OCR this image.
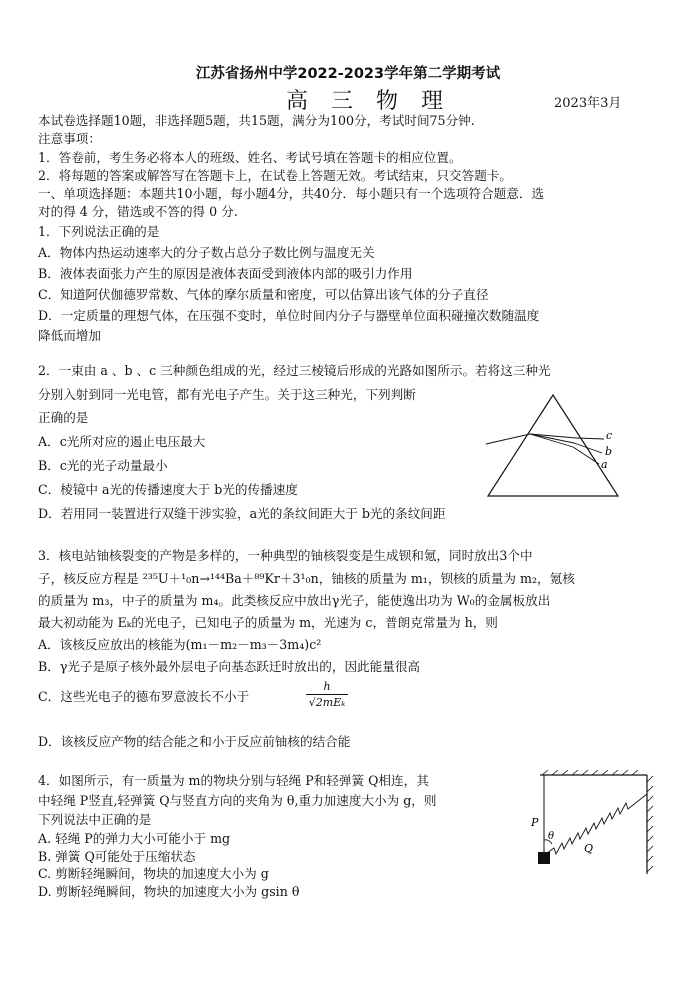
江苏省扬州中学2022-2023学年第二学期考试
高 三 物 理	2023年3月
本试卷选择题10题，非选择题5题，共15题，满分为100分，考试时间75分钟.
注意事项：
1．答卷前，考生务必将本人的班级、姓名、考试号填在答题卡的相应位置。
2．将每题的答案或解答写在答题卡上，在试卷上答题无效。考试结束，只交答题卡。
一、单项选择题：本题共10小题，每小题4分，共40分．每小题只有一个选项符合题意．选
对的得 4 分，错选或不答的得 0 分.
1．下列说法正确的是
A．物体内热运动速率大的分子数占总分子数比例与温度无关
B．液体表面张力产生的原因是液体表面受到液体内部的吸引力作用
C．知道阿伏伽德罗常数、气体的摩尔质量和密度，可以估算出该气体的分子直径
D．一定质量的理想气体，在压强不变时，单位时间内分子与器壁单位面积碰撞次数随温度
降低而增加
2．一束由 a 、b 、c 三种颜色组成的光，经过三棱镜后形成的光路如图所示。若将这三种光
分别入射到同一光电管，都有光电子产生。关于这三种光，下列判断
正确的是
A．c光所对应的遏止电压最大
B．c光的光子动量最小
C．棱镜中 a光的传播速度大于 b光的传播速度
D．若用同一装置进行双缝干涉实验，a光的条纹间距大于 b光的条纹间距
c
b
a
3．核电站铀核裂变的产物是多样的，一种典型的铀核裂变是生成钡和氪，同时放出3个中
子，核反应方程是 ²³⁵U＋¹₀n→¹⁴⁴Ba＋⁸⁹Kr＋3¹₀n，铀核的质量为 m₁，钡核的质量为 m₂，氪核
的质量为 m₃，中子的质量为 m₄。此类核反应中放出γ光子，能使逸出功为 W₀的金属板放出
最大初动能为 Eₖ的光电子，已知电子的质量为 m，光速为 c，普朗克常量为 h，则
A．该核反应放出的核能为(m₁－m₂－m₃－3m₄)c²
B．γ光子是原子核外最外层电子向基态跃迁时放出的，因此能量很高
C．这些光电子的德布罗意波长不小于
h
√2mEₖ
D．该核反应产物的结合能之和小于反应前铀核的结合能
4．如图所示，有一质量为 m的物块分别与轻绳 P和轻弹簧 Q相连，其
中轻绳 P竖直,轻弹簧 Q与竖直方向的夹角为 θ,重力加速度大小为 g，则
下列说法中正确的是
A. 轻绳 P的弹力大小可能小于 mg
B. 弹簧 Q可能处于压缩状态
C. 剪断轻绳瞬间，物块的加速度大小为 g
D. 剪断轻绳瞬间，物块的加速度大小为 gsin θ
P
θ
Q
